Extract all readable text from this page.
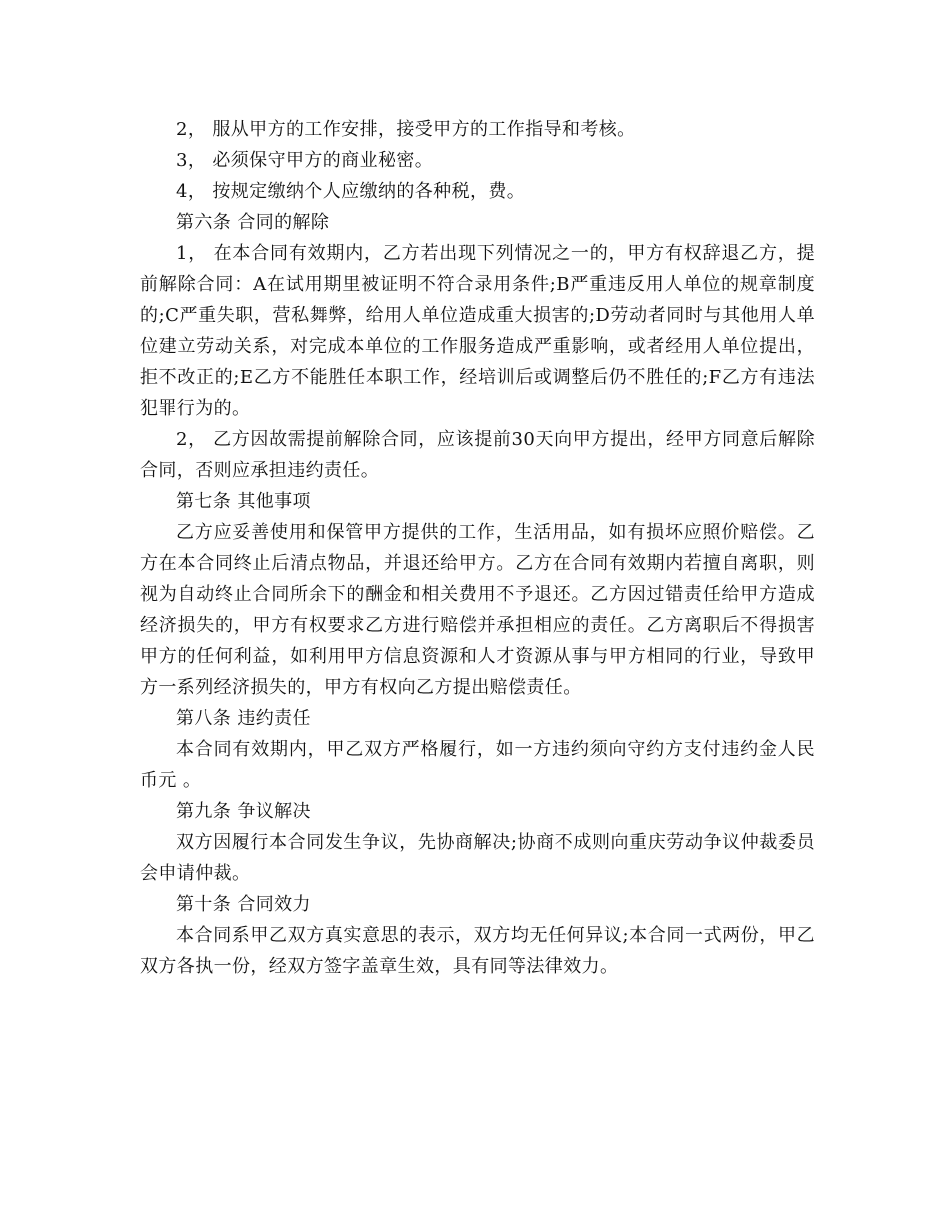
2， 服从甲方的工作安排，接受甲方的工作指导和考核。

3， 必须保守甲方的商业秘密。

4， 按规定缴纳个人应缴纳的各种税，费。

第六条 合同的解除

1， 在本合同有效期内，乙方若出现下列情况之一的，甲方有权辞退乙方，提前解除合同：A在试用期里被证明不符合录用条件;B严重违反用人单位的规章制度的;C严重失职，营私舞弊，给用人单位造成重大损害的;D劳动者同时与其他用人单位建立劳动关系，对完成本单位的工作服务造成严重影响，或者经用人单位提出，拒不改正的;E乙方不能胜任本职工作，经培训后或调整后仍不胜任的;F乙方有违法犯罪行为的。

2， 乙方因故需提前解除合同，应该提前30天向甲方提出，经甲方同意后解除合同，否则应承担违约责任。

第七条 其他事项

乙方应妥善使用和保管甲方提供的工作，生活用品，如有损坏应照价赔偿。乙方在本合同终止后清点物品，并退还给甲方。乙方在合同有效期内若擅自离职，则视为自动终止合同所余下的酬金和相关费用不予退还。乙方因过错责任给甲方造成经济损失的，甲方有权要求乙方进行赔偿并承担相应的责任。乙方离职后不得损害甲方的任何利益，如利用甲方信息资源和人才资源从事与甲方相同的行业，导致甲方一系列经济损失的，甲方有权向乙方提出赔偿责任。

第八条 违约责任

本合同有效期内，甲乙双方严格履行，如一方违约须向守约方支付违约金人民币元 。

第九条 争议解决

双方因履行本合同发生争议，先协商解决;协商不成则向重庆劳动争议仲裁委员会申请仲裁。

第十条 合同效力

本合同系甲乙双方真实意思的表示，双方均无任何异议;本合同一式两份，甲乙双方各执一份，经双方签字盖章生效，具有同等法律效力。
